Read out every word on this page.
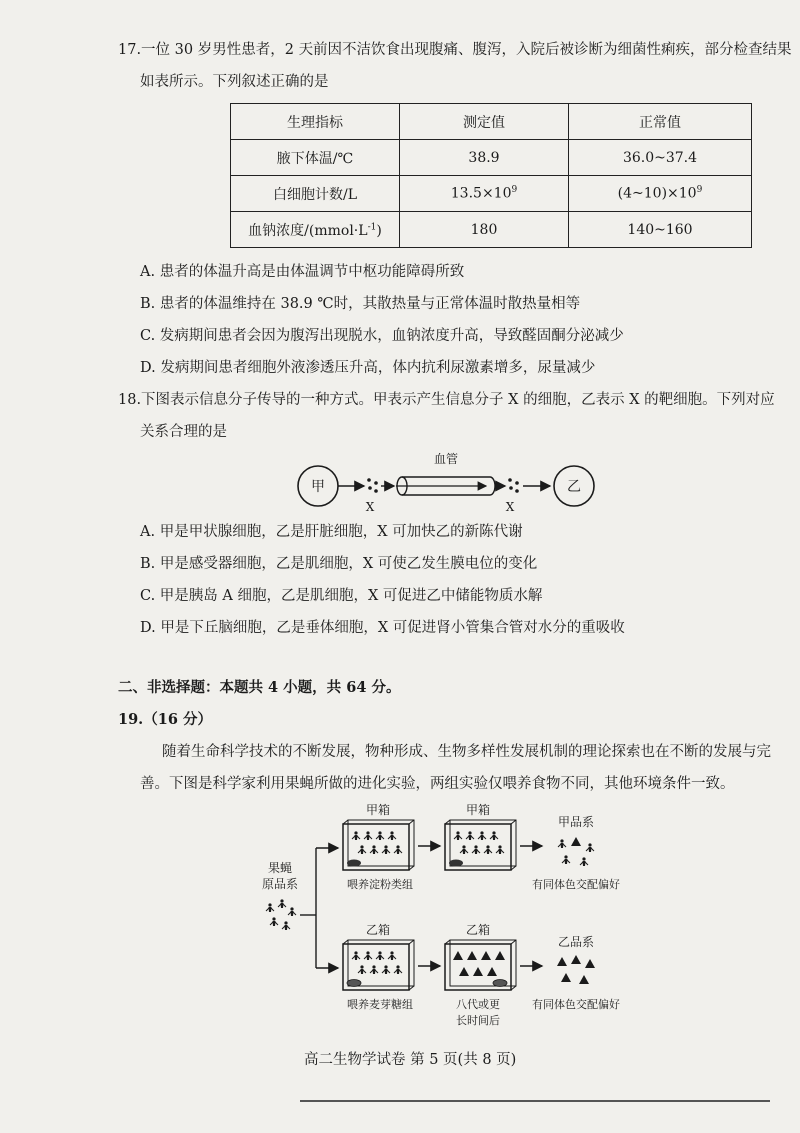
17.一位 30 岁男性患者，2 天前因不洁饮食出现腹痛、腹泻，入院后被诊断为细菌性痢疾，部分检查结果
如表所示。下列叙述正确的是
生理指标	测定值	正常值
腋下体温/℃	38.9	36.0~37.4
白细胞计数/L	$13.5\times 10^9$	$(4\sim 10)\times 10^9$
血钠浓度$/(mmol\cdot L^{-1})$	180	140~160
A. 患者的体温升高是由体温调节中枢功能障碍所致
B. 患者的体温维持在 38.9 ℃时，其散热量与正常体温时散热量相等
C. 发病期间患者会因为腹泻出现脱水，血钠浓度升高，导致醛固酮分泌减少
D. 发病期间患者细胞外液渗透压升高，体内抗利尿激素增多，尿量减少
18.下图表示信息分子传导的一种方式。甲表示产生信息分子 X 的细胞，乙表示 X 的靶细胞。下列对应
关系合理的是
甲
X
血管
X
乙
A. 甲是甲状腺细胞，乙是肝脏细胞，X 可加快乙的新陈代谢
B. 甲是感受器细胞，乙是肌细胞，X 可使乙发生膜电位的变化
C. 甲是胰岛 A 细胞，乙是肌细胞，X 可促进乙中储能物质水解
D. 甲是下丘脑细胞，乙是垂体细胞，X 可促进肾小管集合管对水分的重吸收
二、非选择题：本题共 4 小题，共 64 分。
19.（16 分）
随着生命科学技术的不断发展，物种形成、生物多样性发展机制的理论探索也在不断的发展与完
善。下图是科学家利用果蝇所做的进化实验，两组实验仅喂养食物不同，其他环境条件一致。
果蝇
原品系
甲箱
喂养淀粉类组
甲箱
甲品系
有同体色交配偏好
乙箱
喂养麦芽糖组
乙箱
八代或更
长时间后
乙品系
有同体色交配偏好
高二生物学试卷 第 5 页(共 8 页)
